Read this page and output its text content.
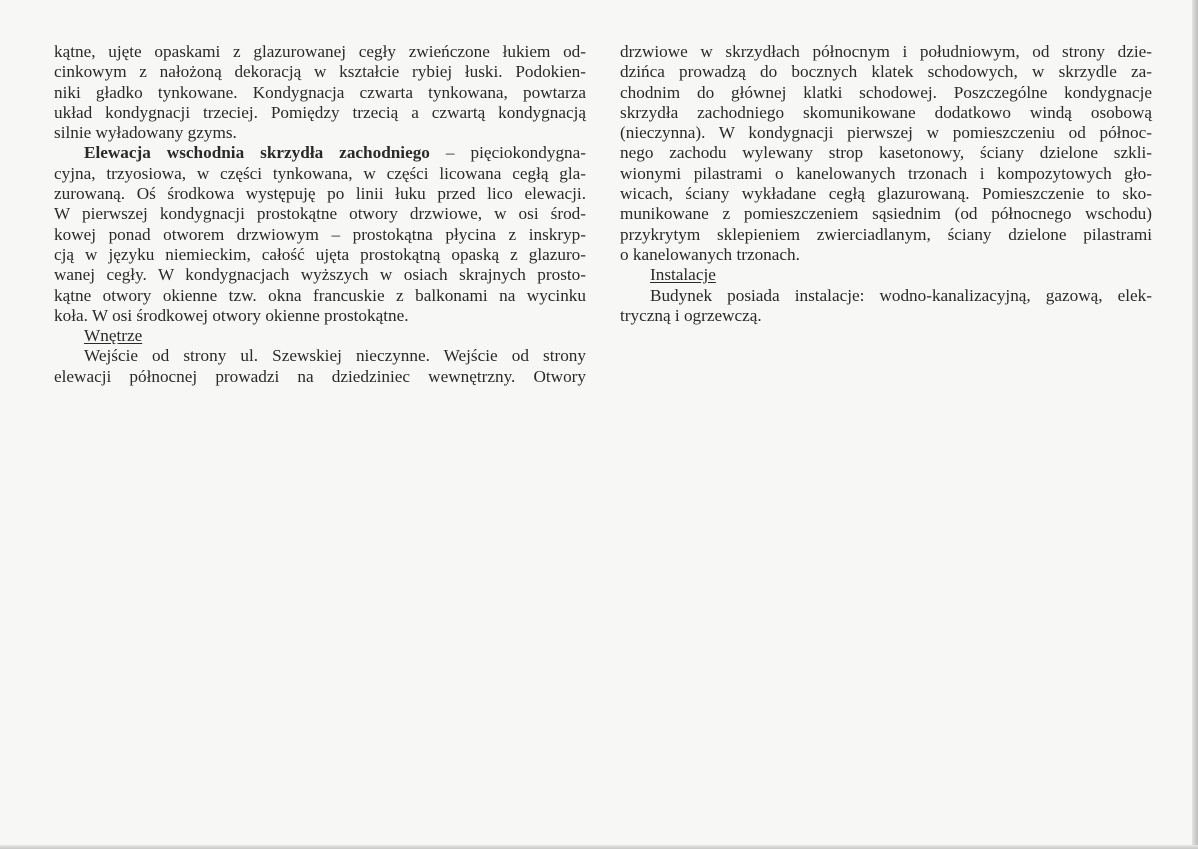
kątne, ujęte opaskami z glazurowanej cegły zwieńczone łukiem od-
cinkowym z nałożoną dekoracją w kształcie rybiej łuski. Podokien-
niki gładko tynkowane. Kondygnacja czwarta tynkowana, powtarza
układ kondygnacji trzeciej. Pomiędzy trzecią a czwartą kondygnacją
silnie wyładowany gzyms.
Elewacja wschodnia skrzydła zachodniego – pięciokondygna-
cyjna, trzyosiowa, w części tynkowana, w części licowana cegłą gla-
zurowaną. Oś środkowa występuję po linii łuku przed lico elewacji.
W pierwszej kondygnacji prostokątne otwory drzwiowe, w osi środ-
kowej ponad otworem drzwiowym – prostokątna płycina z inskryp-
cją w języku niemieckim, całość ujęta prostokątną opaską z glazuro-
wanej cegły. W kondygnacjach wyższych w osiach skrajnych prosto-
kątne otwory okienne tzw. okna francuskie z balkonami na wycinku
koła. W osi środkowej otwory okienne prostokątne.
Wnętrze
Wejście od strony ul. Szewskiej nieczynne. Wejście od strony
elewacji północnej prowadzi na dziedziniec wewnętrzny. Otwory
drzwiowe w skrzydłach północnym i południowym, od strony dzie-
dzińca prowadzą do bocznych klatek schodowych, w skrzydle za-
chodnim do głównej klatki schodowej. Poszczególne kondygnacje
skrzydła zachodniego skomunikowane dodatkowo windą osobową
(nieczynna). W kondygnacji pierwszej w pomieszczeniu od północ-
nego zachodu wylewany strop kasetonowy, ściany dzielone szkli-
wionymi pilastrami o kanelowanych trzonach i kompozytowych gło-
wicach, ściany wykładane cegłą glazurowaną. Pomieszczenie to sko-
munikowane z pomieszczeniem sąsiednim (od północnego wschodu)
przykrytym sklepieniem zwierciadlanym, ściany dzielone pilastrami
o kanelowanych trzonach.
Instalacje
Budynek posiada instalacje: wodno-kanalizacyjną, gazową, elek-
tryczną i ogrzewczą.
